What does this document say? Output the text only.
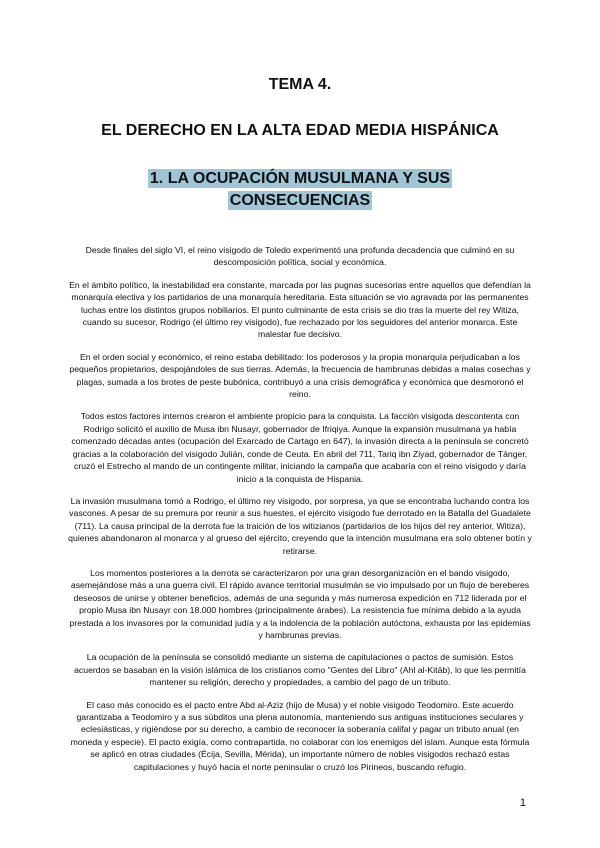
TEMA 4.
EL DERECHO EN LA ALTA EDAD MEDIA HISPÁNICA
1. LA OCUPACIÓN MUSULMANA Y SUS
CONSECUENCIAS

Desde finales del siglo VI, el reino visigodo de Toledo experimentó una profunda decadencia que culminó en su descomposición política, social y económica.

En el ámbito político, la inestabilidad era constante, marcada por las pugnas sucesorias entre aquellos que defendían la monarquía electiva y los partidarios de una monarquía hereditaria. Esta situación se vio agravada por las permanentes luchas entre los distintos grupos nobiliarios. El punto culminante de esta crisis se dio tras la muerte del rey Witiza, cuando su sucesor, Rodrigo (el último rey visigodo), fue rechazado por los seguidores del anterior monarca. Este malestar fue decisivo.

En el orden social y económico, el reino estaba debilitado: los poderosos y la propia monarquía perjudicaban a los pequeños propietarios, despojándoles de sus tierras. Además, la frecuencia de hambrunas debidas a malas cosechas y plagas, sumada a los brotes de peste bubónica, contribuyó a una crisis demográfica y económica que desmoronó el reino.

Todos estos factores internos crearon el ambiente propicio para la conquista. La facción visigoda descontenta con Rodrigo solicitó el auxilio de Musa ibn Nusayr, gobernador de Ifriqiya. Aunque la expansión musulmana ya había comenzado décadas antes (ocupación del Exarcado de Cartago en 647), la invasión directa a la península se concretó gracias a la colaboración del visigodo Julián, conde de Ceuta. En abril del 711, Tariq ibn Ziyad, gobernador de Tánger, cruzó el Estrecho al mando de un contingente militar, iniciando la campaña que acabaría con el reino visigodo y daría inicio a la conquista de Hispania.

La invasión musulmana tomó a Rodrigo, el último rey visigodo, por sorpresa, ya que se encontraba luchando contra los vascones. A pesar de su premura por reunir a sus huestes, el ejército visigodo fue derrotado en la Batalla del Guadalete (711). La causa principal de la derrota fue la traición de los witizianos (partidarios de los hijos del rey anterior, Witiza), quienes abandonaron al monarca y al grueso del ejército, creyendo que la intención musulmana era solo obtener botín y retirarse.

Los momentos posteriores a la derrota se caracterizaron por una gran desorganización en el bando visigodo, asemejándose más a una guerra civil. El rápido avance territorial musulmán se vio impulsado por un flujo de bereberes deseosos de unirse y obtener beneficios, además de una segunda y más numerosa expedición en 712 liderada por el propio Musa ibn Nusayr con 18.000 hombres (principalmente árabes). La resistencia fue mínima debido a la ayuda prestada a los invasores por la comunidad judía y a la indolencia de la población autóctona, exhausta por las epidemias y hambrunas previas.

La ocupación de la península se consolidó mediante un sistema de capitulaciones o pactos de sumisión. Estos acuerdos se basaban en la visión islámica de los cristianos como "Gentes del Libro" (Ahl al-Kitāb), lo que les permitía mantener su religión, derecho y propiedades, a cambio del pago de un tributo.

El caso más conocido es el pacto entre Abd al-Aziz (hijo de Musa) y el noble visigodo Teodomiro. Este acuerdo garantizaba a Teodomiro y a sus súbditos una plena autonomía, manteniendo sus antiguas instituciones seculares y eclesiásticas, y rigiéndose por su derecho, a cambio de reconocer la soberanía califal y pagar un tributo anual (en moneda y especie). El pacto exigía, como contrapartida, no colaborar con los enemigos del islam. Aunque esta fórmula se aplicó en otras ciudades (Écija, Sevilla, Mérida), un importante número de nobles visigodos rechazó estas capitulaciones y huyó hacia el norte peninsular o cruzó los Pirineos, buscando refugio.

1
